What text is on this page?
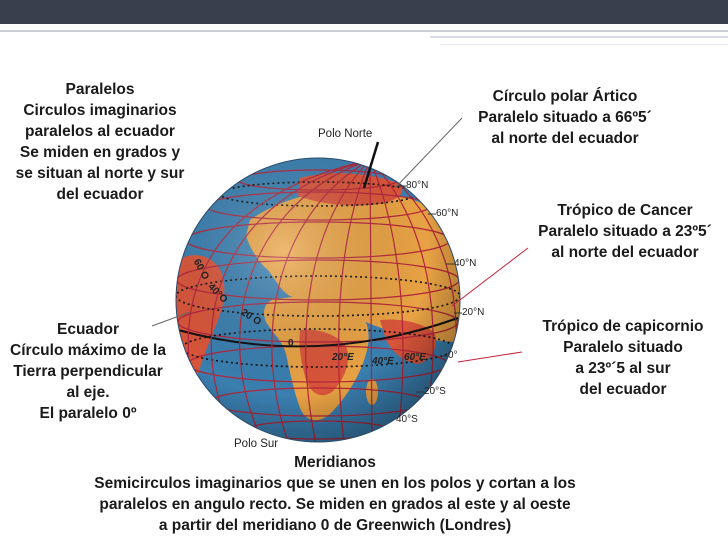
Polo Norte
Polo Sur
80°N
60°N
40°N
20°N
0°
20°S
40°S
60 O
40°O
20 O
0
20°E 40°E 60°E
Paralelos
Circulos imaginarios
paralelos al ecuador
Se miden en grados y
se situan al norte y sur
del ecuador
Círculo polar Ártico
Paralelo situado a 66º5´
al norte del ecuador
Trópico de Cancer
Paralelo situado a 23º5´
al norte del ecuador
Trópico de capicornio
Paralelo situado
a 23º´5 al sur
del ecuador
Ecuador
Círculo máximo de la
Tierra perpendicular
al eje.
El paralelo 0º
Meridianos
Semicirculos imaginarios que se unen en los polos y cortan a los
paralelos en angulo recto. Se miden en grados al este y al oeste
a partir del meridiano 0 de Greenwich (Londres)
